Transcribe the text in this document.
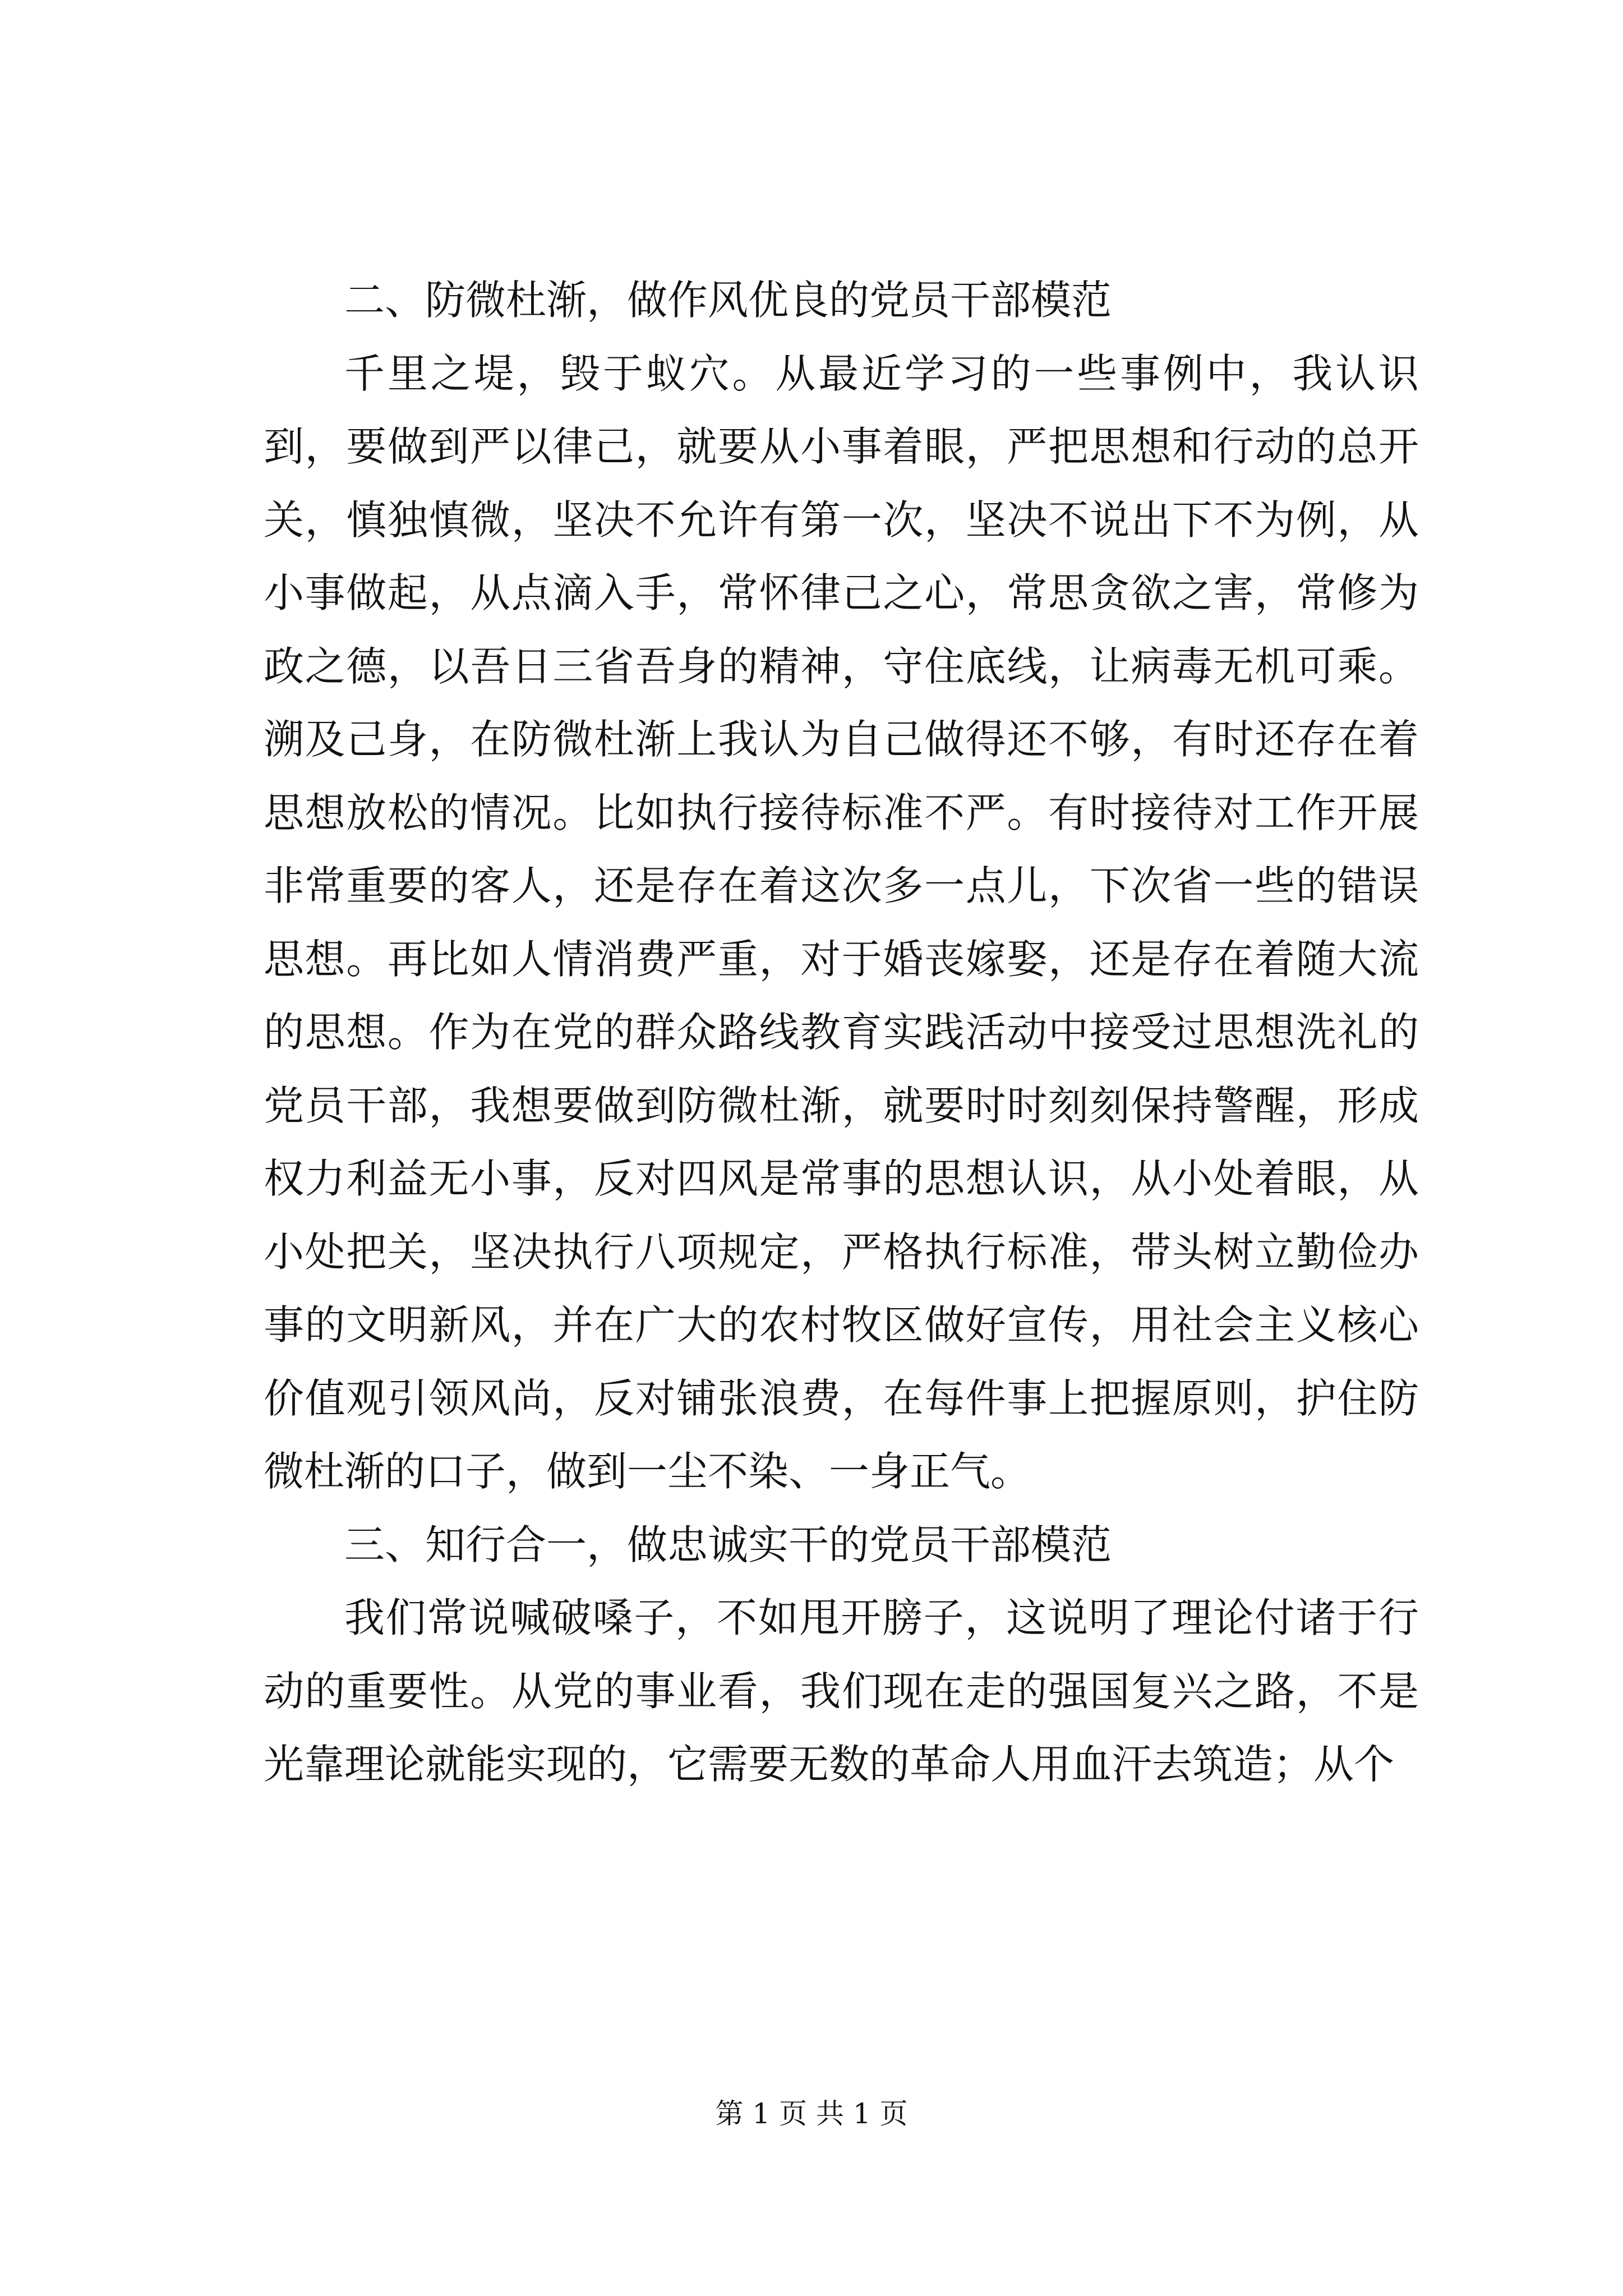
二、防微杜渐，做作风优良的党员干部模范

千里之堤，毁于蚁穴。从最近学习的一些事例中，我认识到，要做到严以律己，就要从小事着眼，严把思想和行动的总开关，慎独慎微，坚决不允许有第一次，坚决不说出下不为例，从小事做起，从点滴入手，常怀律己之心，常思贪欲之害，常修为政之德，以吾日三省吾身的精神，守住底线，让病毒无机可乘。溯及己身，在防微杜渐上我认为自己做得还不够，有时还存在着思想放松的情况。比如执行接待标准不严。有时接待对工作开展非常重要的客人，还是存在着这次多一点儿，下次省一些的错误思想。再比如人情消费严重，对于婚丧嫁娶，还是存在着随大流的思想。作为在党的群众路线教育实践活动中接受过思想洗礼的党员干部，我想要做到防微杜渐，就要时时刻刻保持警醒，形成权力利益无小事，反对四风是常事的思想认识，从小处着眼，从小处把关，坚决执行八项规定，严格执行标准，带头树立勤俭办事的文明新风，并在广大的农村牧区做好宣传，用社会主义核心价值观引领风尚，反对铺张浪费，在每件事上把握原则，护住防微杜渐的口子，做到一尘不染、一身正气。

三、知行合一，做忠诚实干的党员干部模范

我们常说喊破嗓子，不如甩开膀子，这说明了理论付诸于行动的重要性。从党的事业看，我们现在走的强国复兴之路，不是光靠理论就能实现的，它需要无数的革命人用血汗去筑造；从个

第 1 页 共 1 页
